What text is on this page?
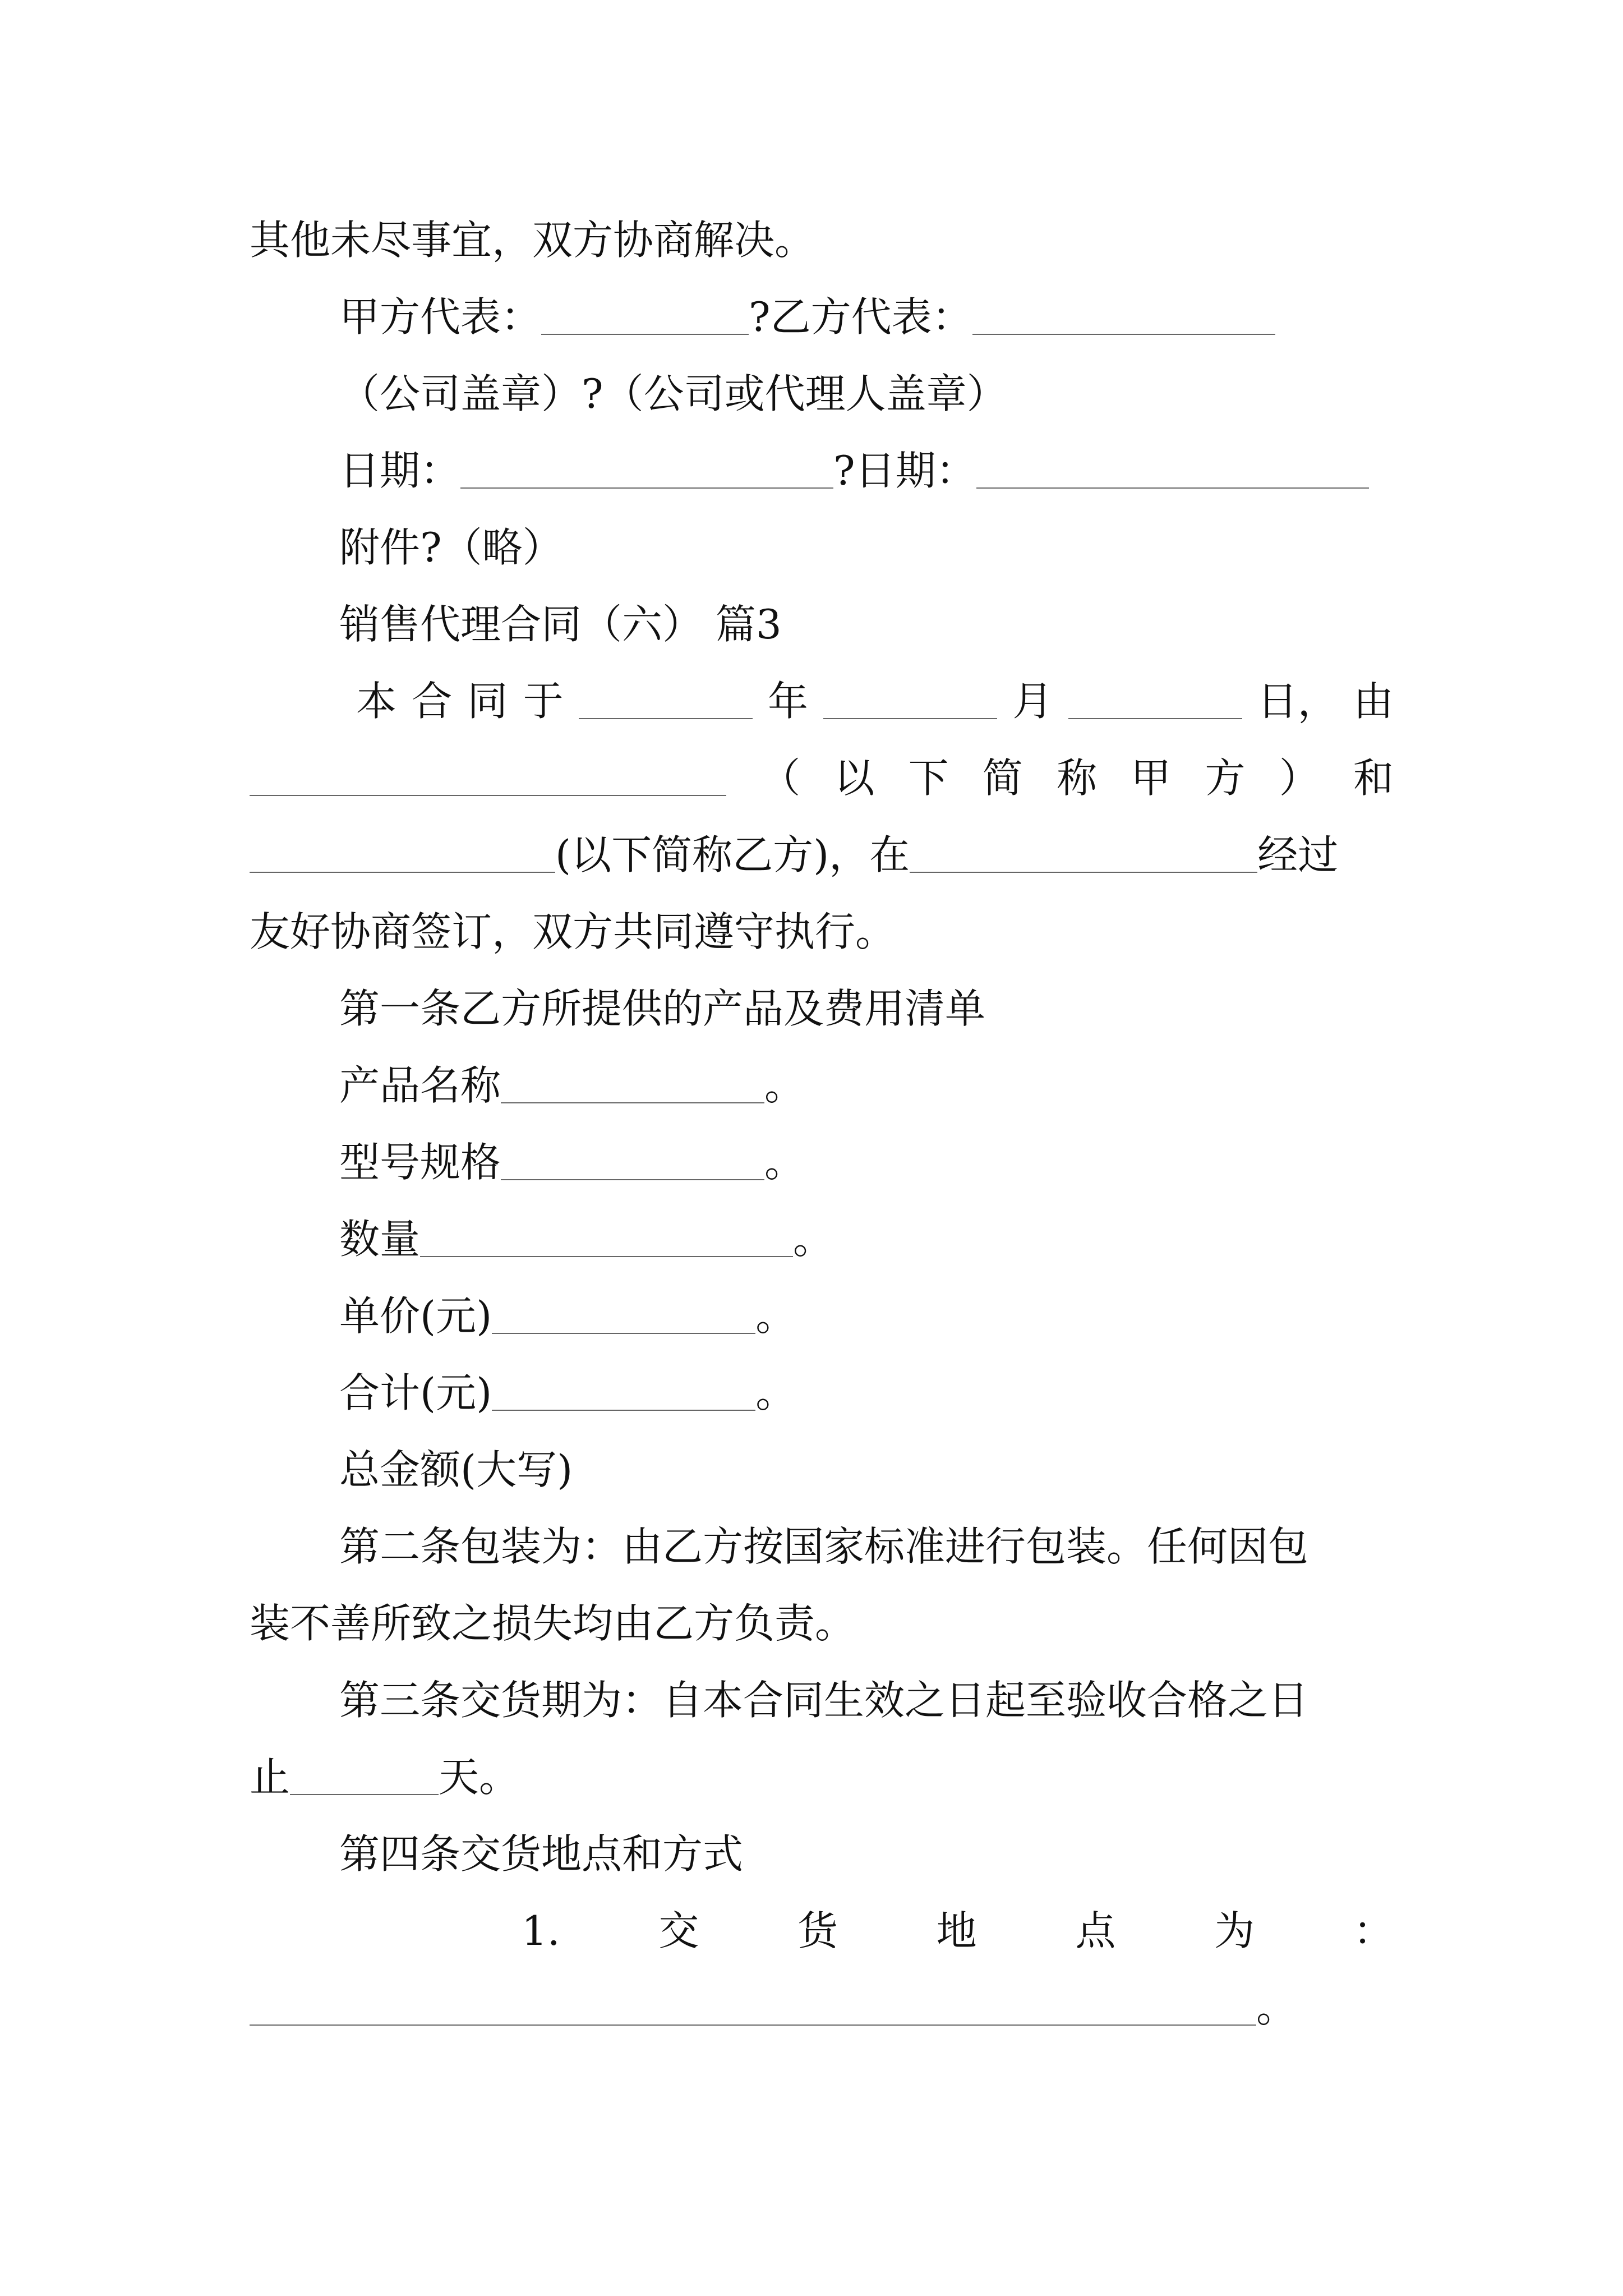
其他未尽事宜，双方协商解决。
甲方代表：	?乙方代表：
（公司盖章）?（公司或代理人盖章）
日期：	?日期：
附件?（略）
销售代理合同（六） 篇3
本 合 同 于	年	月	日， 由
（ 以 下 简 称 甲 方 ） 和
(以下简称乙方)，在	经过
友好协商签订，双方共同遵守执行。
第一条乙方所提供的产品及费用清单
产品名称	。
型号规格	。
数量	。
单价(元)	。
合计(元)	。
总金额(大写)
第二条包装为：由乙方按国家标准进行包装。任何因包
装不善所致之损失均由乙方负责。
第三条交货期为：自本合同生效之日起至验收合格之日
止	天。
第四条交货地点和方式
1. 交 货 地 点 为 ：
。
